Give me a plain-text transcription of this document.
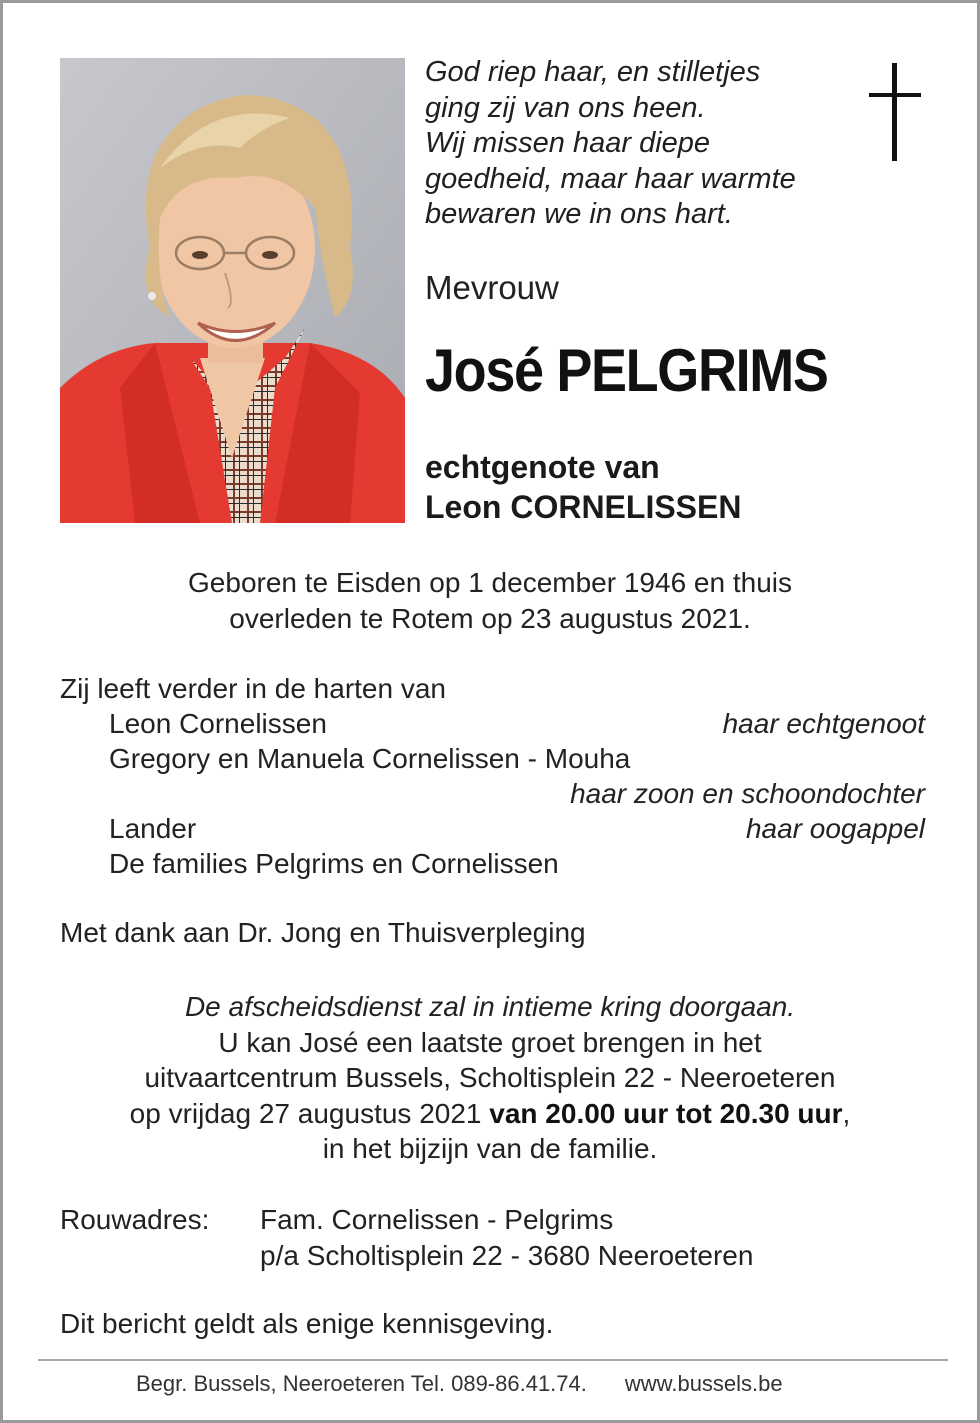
God riep haar, en stilletjes
ging zij van ons heen.
Wij missen haar diepe
goedheid, maar haar warmte
bewaren we in ons hart.
Mevrouw
José PELGRIMS
echtgenote van
Leon CORNELISSEN
Geboren te Eisden op 1 december 1946 en thuis
overleden te Rotem op 23 augustus 2021.
Zij leeft verder in de harten van
Leon Cornelissen	haar echtgenoot
Gregory en Manuela Cornelissen - Mouha
haar zoon en schoondochter
Lander	haar oogappel
De families Pelgrims en Cornelissen
Met dank aan Dr. Jong en Thuisverpleging
De afscheidsdienst zal in intieme kring doorgaan.
U kan José een laatste groet brengen in het
uitvaartcentrum Bussels, Scholtisplein 22 - Neeroeteren
op vrijdag 27 augustus 2021 van 20.00 uur tot 20.30 uur,
in het bijzijn van de familie.
Rouwadres: Fam. Cornelissen - Pelgrims
p/a Scholtisplein 22 - 3680 Neeroeteren
Dit bericht geldt als enige kennisgeving.
Begr. Bussels, Neeroeteren Tel. 089-86.41.74. www.bussels.be
